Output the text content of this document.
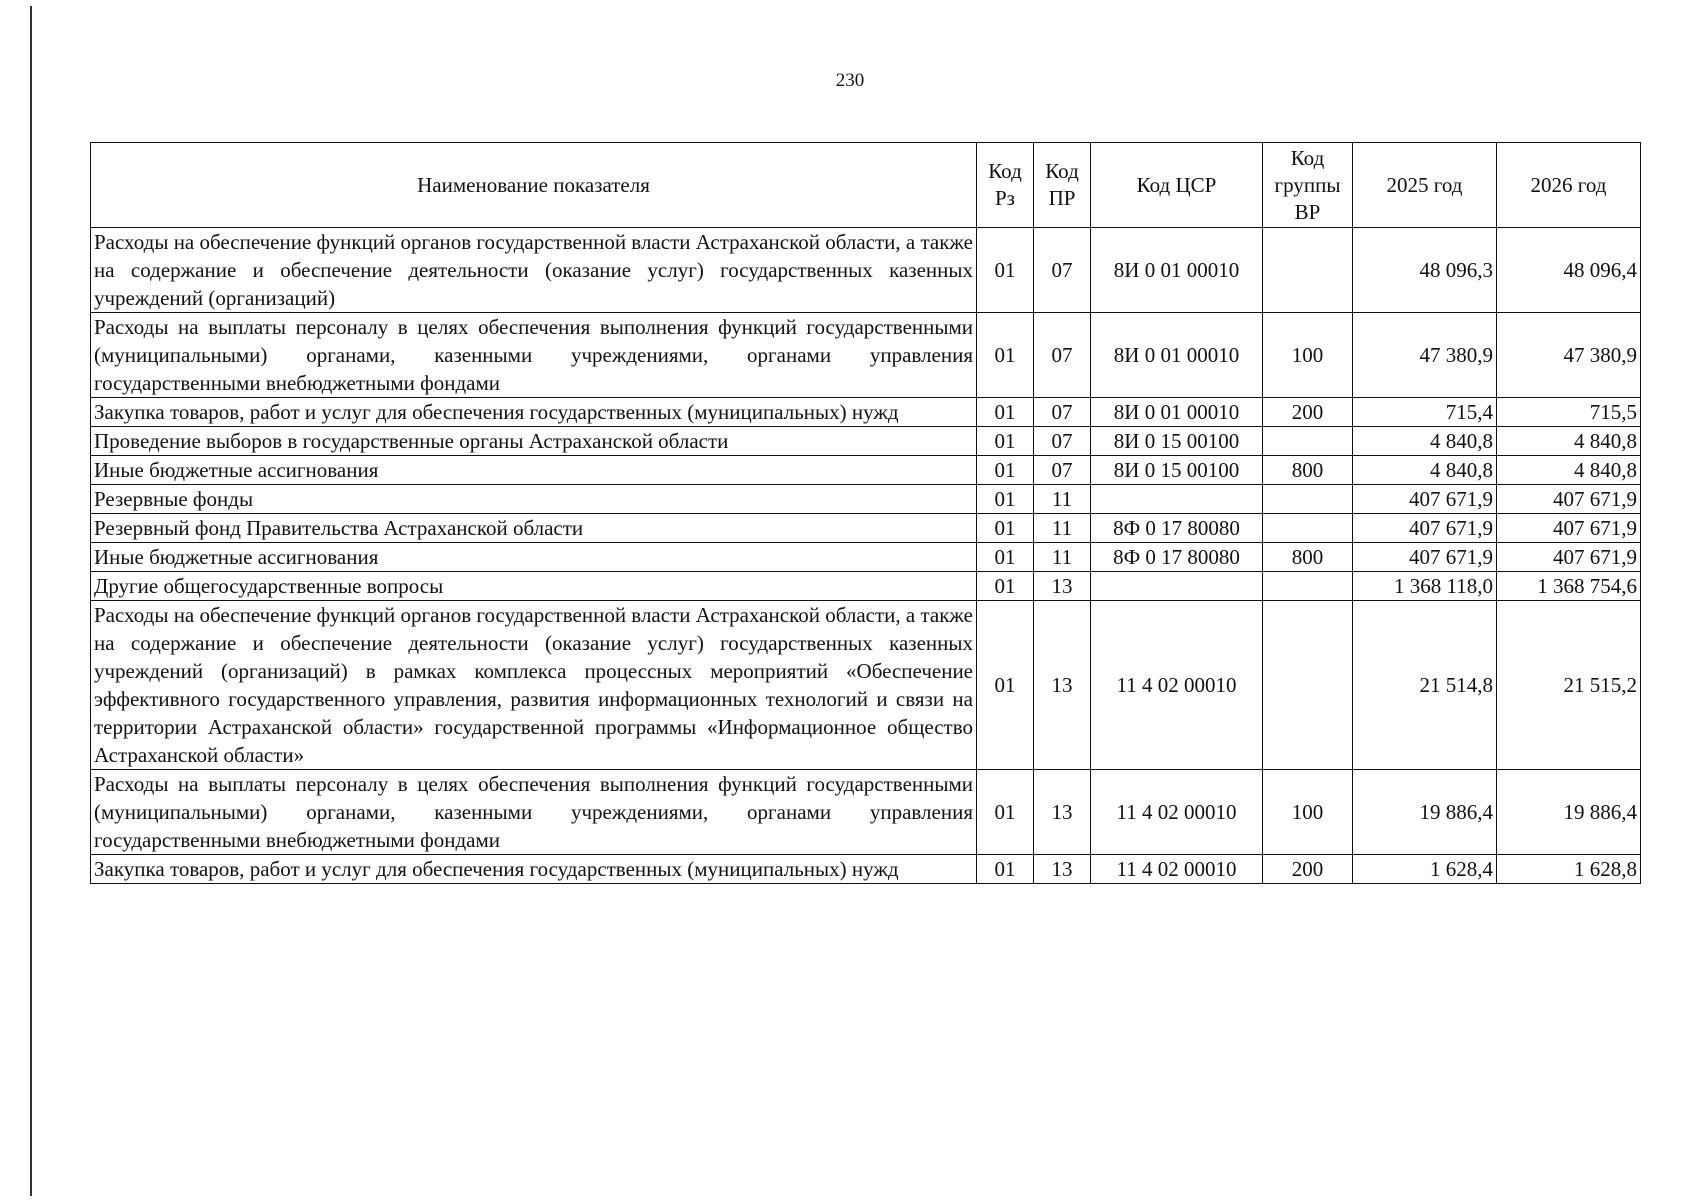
230
Наименование показателя	Код Рз	Код ПР	Код ЦСР	Код группы ВР	2025 год	2026 год
Расходы на обеспечение функций органов государственной власти Астраханской области, а также на содержание и обеспечение деятельности (оказание услуг) государственных казенных учреждений (организаций)	01	07	8И 0 01 00010		48 096,3	48 096,4
Расходы на выплаты персоналу в целях обеспечения выполнения функций государственными (муниципальными) органами, казенными учреждениями, органами управления государственными внебюджетными фондами	01	07	8И 0 01 00010	100	47 380,9	47 380,9
Закупка товаров, работ и услуг для обеспечения государственных (муниципальных) нужд	01	07	8И 0 01 00010	200	715,4	715,5
Проведение выборов в государственные органы Астраханской области	01	07	8И 0 15 00100		4 840,8	4 840,8
Иные бюджетные ассигнования	01	07	8И 0 15 00100	800	4 840,8	4 840,8
Резервные фонды	01	11			407 671,9	407 671,9
Резервный фонд Правительства Астраханской области	01	11	8Ф 0 17 80080		407 671,9	407 671,9
Иные бюджетные ассигнования	01	11	8Ф 0 17 80080	800	407 671,9	407 671,9
Другие общегосударственные вопросы	01	13			1 368 118,0	1 368 754,6
Расходы на обеспечение функций органов государственной власти Астраханской области, а также на содержание и обеспечение деятельности (оказание услуг) государственных казенных учреждений (организаций) в рамках комплекса процессных мероприятий «Обеспечение эффективного государственного управления, развития информационных технологий и связи на территории Астраханской области» государственной программы «Информационное общество Астраханской области»	01	13	11 4 02 00010		21 514,8	21 515,2
Расходы на выплаты персоналу в целях обеспечения выполнения функций государственными (муниципальными) органами, казенными учреждениями, органами управления государственными внебюджетными фондами	01	13	11 4 02 00010	100	19 886,4	19 886,4
Закупка товаров, работ и услуг для обеспечения государственных (муниципальных) нужд	01	13	11 4 02 00010	200	1 628,4	1 628,8
